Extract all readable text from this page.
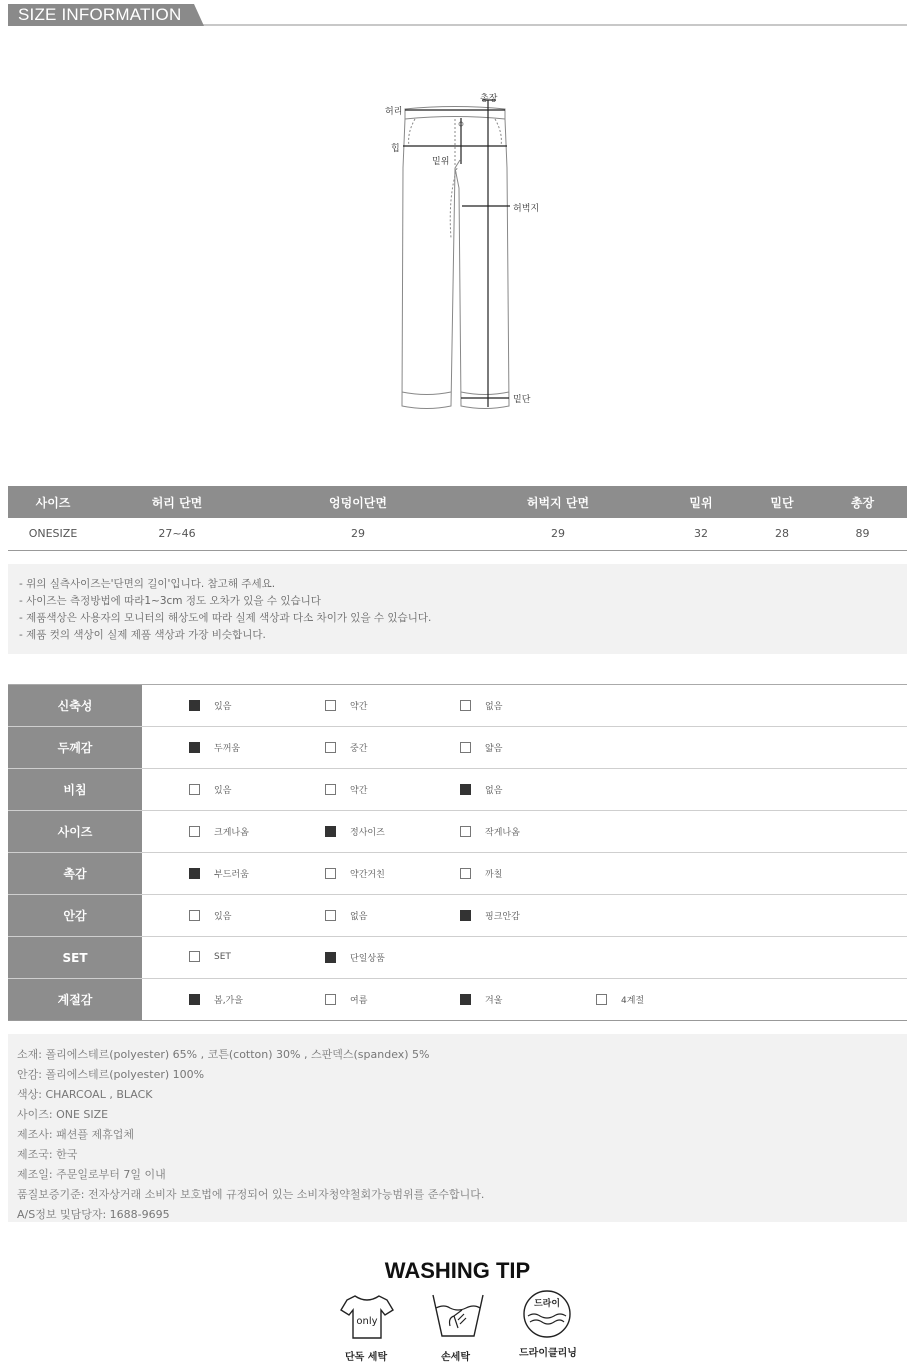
SIZE INFORMATION
허리
힙
밑위
총장
허벅지
밑단
사이즈	허리 단면	엉덩이단면	허벅지 단면	밑위	밑단	총장
ONESIZE	27~46	29	29	32	28	89
- 위의 실측사이즈는'단면의 길이'입니다. 참고해 주세요.
- 사이즈는 측정방법에 따라1~3cm 정도 오차가 있을 수 있습니다
- 제품색상은 사용자의 모니터의 해상도에 따라 실제 색상과 다소 차이가 있을 수 있습니다.
- 제품 컷의 색상이 실제 제품 색상과 가장 비슷합니다.
신축성	있음	약간	없음
두께감	두꺼움	중간	얇음
비침	있음	약간	없음
사이즈	크게나옴	정사이즈	작게나옴
촉감	부드러움	약간거친	까칠
안감	있음	없음	핑크안감
SET	SET	단일상품
계절감	봄,가을	여름	겨울	4계절
소재: 폴리에스테르(polyester) 65% , 코튼(cotton) 30% , 스판덱스(spandex) 5%
안감: 폴리에스테르(polyester) 100%
색상: CHARCOAL , BLACK
사이즈: ONE SIZE
제조사: 패션플 제휴업체
제조국: 한국
제조일: 주문일로부터 7일 이내
품질보증기준: 전자상거래 소비자 보호법에 규정되어 있는 소비자청약철회가능범위를 준수합니다.
A/S정보 및담당자: 1688-9695
WASHING TIP
only
단독 세탁	손세탁
드라이
드라이클리닝
